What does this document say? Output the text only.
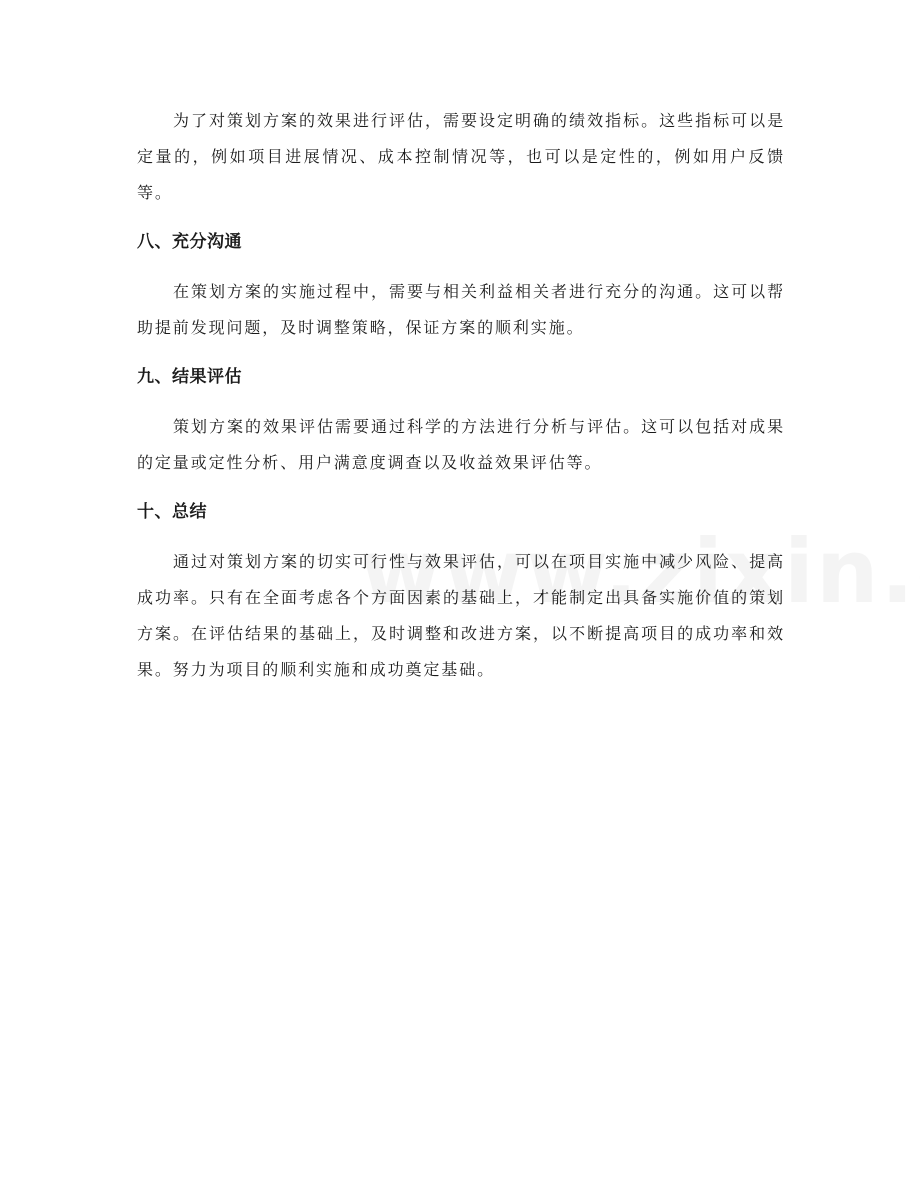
为了对策划方案的效果进行评估，需要设定明确的绩效指标。这些指标可以是定量的，例如项目进展情况、成本控制情况等，也可以是定性的，例如用户反馈等。

八、充分沟通

在策划方案的实施过程中，需要与相关利益相关者进行充分的沟通。这可以帮助提前发现问题，及时调整策略，保证方案的顺利实施。

九、结果评估

策划方案的效果评估需要通过科学的方法进行分析与评估。这可以包括对成果的定量或定性分析、用户满意度调查以及收益效果评估等。

十、总结

通过对策划方案的切实可行性与效果评估，可以在项目实施中减少风险、提高成功率。只有在全面考虑各个方面因素的基础上，才能制定出具备实施价值的策划方案。在评估结果的基础上，及时调整和改进方案，以不断提高项目的成功率和效果。努力为项目的顺利实施和成功奠定基础。
